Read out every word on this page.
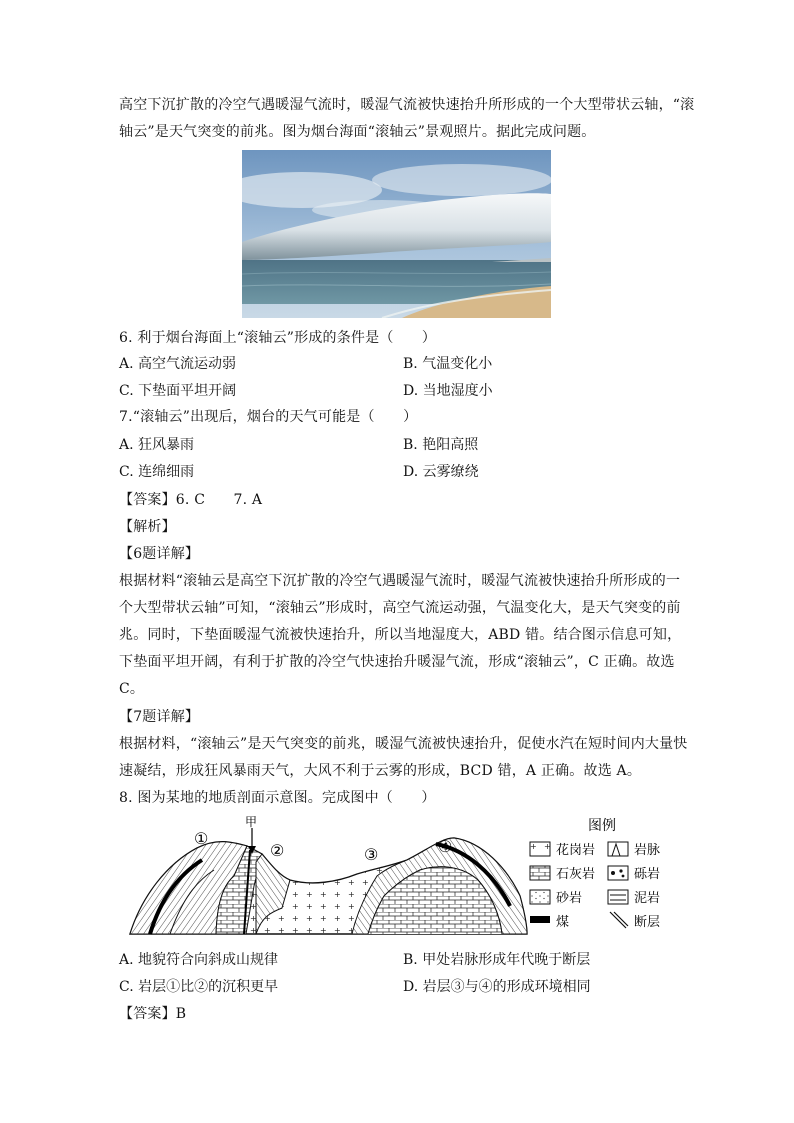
高空下沉扩散的冷空气遇暖湿气流时，暖湿气流被快速抬升所形成的一个大型带状云轴，“滚
轴云”是天气突变的前兆。图为烟台海面“滚轴云”景观照片。据此完成问题。
6. 利于烟台海面上“滚轴云”形成的条件是（　　）
A. 高空气流运动弱	B. 气温变化小
C. 下垫面平坦开阔	D. 当地湿度小
7.“滚轴云”出现后，烟台的天气可能是（　　）
A. 狂风暴雨	B. 艳阳高照
C. 连绵细雨	D. 云雾缭绕
【答案】6. C　　7. A
【解析】
【6题详解】
根据材料“滚轴云是高空下沉扩散的冷空气遇暖湿气流时，暖湿气流被快速抬升所形成的一
个大型带状云轴”可知，“滚轴云”形成时，高空气流运动强，气温变化大，是天气突变的前
兆。同时，下垫面暖湿气流被快速抬升，所以当地湿度大，ABD 错。结合图示信息可知，
下垫面平坦开阔，有利于扩散的冷空气快速抬升暖湿气流，形成“滚轴云”，C 正确。故选
C。
【7题详解】
根据材料，“滚轴云”是天气突变的前兆，暖湿气流被快速抬升，促使水汽在短时间内大量快
速凝结，形成狂风暴雨天气，大风不利于云雾的形成，BCD 错，A 正确。故选 A。
8. 图为某地的地质剖面示意图。完成图中（　　）
甲
①
②	③	④
图例
花岗岩	岩脉
石灰岩	砾岩
砂岩	泥岩
煤	断层
A. 地貌符合向斜成山规律	B. 甲处岩脉形成年代晚于断层
C. 岩层①比②的沉积更早	D. 岩层③与④的形成环境相同
【答案】B
